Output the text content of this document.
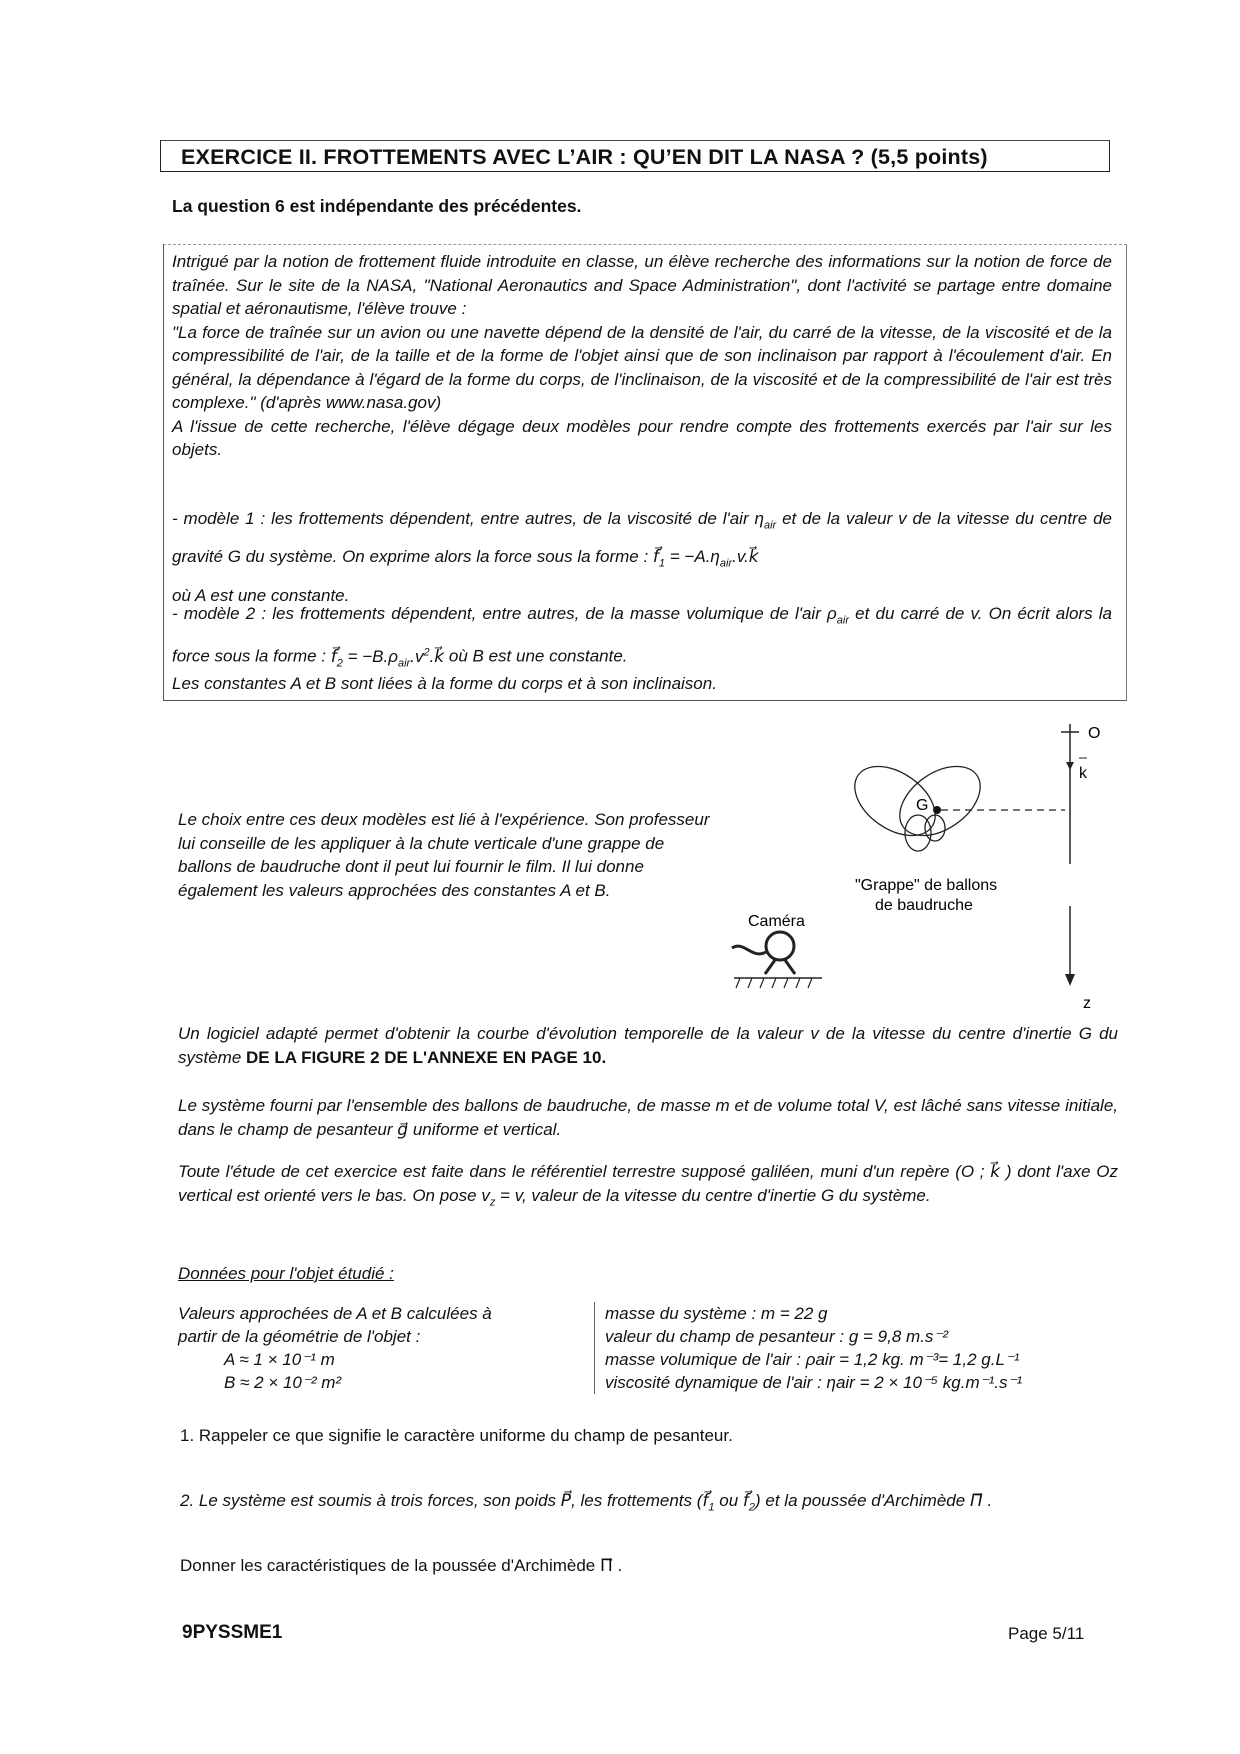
EXERCICE II. FROTTEMENTS AVEC L’AIR : QU’EN DIT LA NASA ? (5,5 points)
La question 6 est indépendante des précédentes.
Intrigué par la notion de frottement fluide introduite en classe, un élève recherche des informations sur la notion de force de traînée. Sur le site de la NASA, "National Aeronautics and Space Administration", dont l'activité se partage entre domaine spatial et aéronautisme, l'élève trouve :
"La force de traînée sur un avion ou une navette dépend de la densité de l'air, du carré de la vitesse, de la viscosité et de la compressibilité de l'air, de la taille et de la forme de l'objet ainsi que de son inclinaison par rapport à l'écoulement d'air. En général, la dépendance à l'égard de la forme du corps, de l'inclinaison, de la viscosité et de la compressibilité de l'air est très complexe." (d'après www.nasa.gov)
A l'issue de cette recherche, l'élève dégage deux modèles pour rendre compte des frottements exercés par l'air sur les objets.
- modèle 1 : les frottements dépendent, entre autres, de la viscosité de l'air $\eta_{air}$ et de la valeur v de la vitesse du centre de gravité G du système. On exprime alors la force sous la forme : $f⃗_1$ = $-A.\eta_{air}.v.k⃗$
où A est une constante.
- modèle 2 : les frottements dépendent, entre autres, de la masse volumique de l'air $\rho_{air}$ et du carré de v. On écrit alors la force sous la forme : $f⃗_2$ = $-B.\rho_{air}.v^2.k⃗$ où B est une constante.
Les constantes A et B sont liées à la forme du corps et à son inclinaison.
Le choix entre ces deux modèles est lié à l'expérience. Son professeur lui conseille de les appliquer à la chute verticale d'une grappe de ballons de baudruche dont il peut lui fournir le film. Il lui donne également les valeurs approchées des constantes A et B.
O
k
z
G
"Grappe" de ballons
de baudruche
Caméra
Un logiciel adapté permet d'obtenir la courbe d'évolution temporelle de la valeur v de la vitesse du centre d'inertie G du système DE LA FIGURE 2 DE L'ANNEXE EN PAGE 10.
Le système fourni par l'ensemble des ballons de baudruche, de masse m et de volume total V, est lâché sans vitesse initiale, dans le champ de pesanteur g⃗ uniforme et vertical.
Toute l'étude de cet exercice est faite dans le référentiel terrestre supposé galiléen, muni d'un repère (O ; k⃗ ) dont l'axe Oz vertical est orienté vers le bas. On pose $v_z = v$, valeur de la vitesse du centre d'inertie G du système.
Données pour l'objet étudié :
Valeurs approchées de A et B calculées à
partir de la géométrie de l'objet :
A ≈ 1 × 10⁻¹ m
B ≈ 2 × 10⁻² m²
masse du système : m = 22 g
valeur du champ de pesanteur : g = 9,8 m.s⁻²
masse volumique de l'air : ρair = 1,2 kg. m⁻³= 1,2 g.L⁻¹
viscosité dynamique de l'air : ηair = 2 × 10⁻⁵ kg.m⁻¹.s⁻¹
1. Rappeler ce que signifie le caractère uniforme du champ de pesanteur.
2. Le système est soumis à trois forces, son poids P⃗, les frottements ($f⃗_1$ ou $f⃗_2$) et la poussée d'Archimède Π⃗ .
Donner les caractéristiques de la poussée d'Archimède Π⃗ .
9PYSSME1	Page 5/11
